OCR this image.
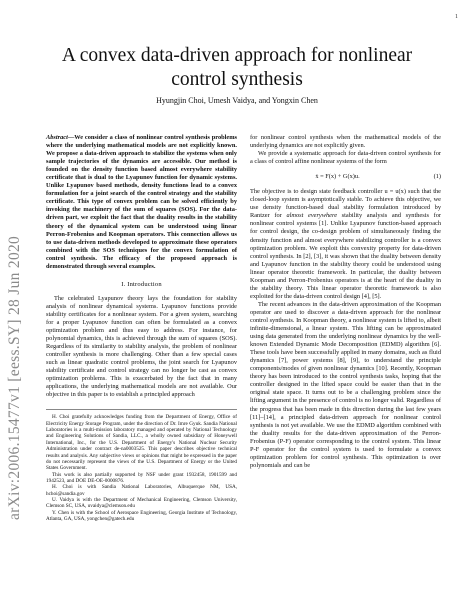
1
arXiv:2006.15477v1 [eess.SY] 28 Jun 2020
A convex data-driven approach for nonlinear control synthesis
Hyungjin Choi, Umesh Vaidya, and Yongxin Chen

Abstract—We consider a class of nonlinear control synthesis problems where the underlying mathematical models are not explicitly known. We propose a data-driven approach to stabilize the systems when only sample trajectories of the dynamics are accessible. Our method is founded on the density function based almost everywhere stability certificate that is dual to the Lyapunov function for dynamic systems. Unlike Lyapunov based methods, density functions lead to a convex formulation for a joint search of the control strategy and the stability certificate. This type of convex problem can be solved efficiently by invoking the machinery of the sum of squares (SOS). For the data-driven part, we exploit the fact that the duality results in the stability theory of the dynamical system can be understood using linear Perron-Frobenius and Koopman operators. This connection allows us to use data-driven methods developed to approximate these operators combined with the SOS techniques for the convex formulation of control synthesis. The efficacy of the proposed approach is demonstrated through several examples.

I. Introduction

The celebrated Lyapunov theory lays the foundation for stability analysis of nonlinear dynamical systems. Lyapunov functions provide stability certificates for a nonlinear system. For a given system, searching for a proper Lyapunov function can often be formulated as a convex optimization problem and thus easy to address. For instance, for polynomial dynamics, this is achieved through the sum of squares (SOS). Regardless of its similarity to stability analysis, the problem of nonlinear controller synthesis is more challenging. Other than a few special cases such as linear quadratic control problems, the joint search for Lyapunov stability certificate and control strategy can no longer be cast as convex optimization problems. This is exacerbated by the fact that in many applications, the underlying mathematical models are not available. Our objective in this paper is to establish a principled approach

H. Choi gratefully acknowledges funding from the Department of Energy, Office of Electricity Energy Storage Program, under the direction of Dr. Imre Gyuk. Sandia National Laboratories is a multi-mission laboratory managed and operated by National Technology and Engineering Solutions of Sandia, LLC., a wholly owned subsidiary of Honeywell International, Inc., for the U.S. Department of Energy's National Nuclear Security Administration under contract de-na0003525. This paper describes objective technical results and analysis. Any subjective views or opinions that might be expressed in the paper do not necessarily represent the views of the U.S. Department of Energy or the United States Government.
This work is also partially supported by NSF under grant 1932458, 1901599 and 1942523, and DOE DE-OE-0000876.
H. Choi is with Sandia National Laboratories, Albuquerque NM, USA, hchoi@sandia.gov
U. Vaidya is with the Department of Mechanical Engineering, Clemson University, Clemson SC, USA, uvaidya@clemson.edu
Y. Chen is with the School of Aerospace Engineering, Georgia Institute of Technology, Atlanta, GA, USA, yongchen@gatech.edu

for nonlinear control synthesis when the mathematical models of the underlying dynamics are not explicitly given.

We provide a systematic approach for data-driven control synthesis for a class of control affine nonlinear systems of the form

ẋ = F(x) + G(x)u.	(1)

The objective is to design state feedback controller u = u(x) such that the closed-loop system is asymptotically stable. To achieve this objective, we use density function-based dual stability formulation introduced by Rantzer for almost everywhere stability analysis and synthesis for nonlinear control systems [1]. Unlike Lyapunov function-based approach for control design, the co-design problem of simultaneously finding the density function and almost everywhere stabilizing controller is a convex optimization problem. We exploit this convexity property for data-driven control synthesis. In [2], [3], it was shown that the duality between density and Lyapunov function in the stability theory could be understood using linear operator theoretic framework. In particular, the duality between Koopman and Perron-Frobenius operators is at the heart of the duality in the stability theory. This linear operator theoretic framework is also exploited for the data-driven control design [4], [5].

The recent advances in the data-driven approximation of the Koopman operator are used to discover a data-driven approach for the nonlinear control synthesis. In Koopman theory, a nonlinear system is lifted to, albeit infinite-dimensional, a linear system. This lifting can be approximated using data generated from the underlying nonlinear dynamics by the well-known Extended Dynamic Mode Decomposition (EDMD) algorithm [6]. These tools have been successfully applied in many domains, such as fluid dynamics [7], power systems [8], [9], to understand the principle components/modes of given nonlinear dynamics [10]. Recently, Koopman theory has been introduced to the control synthesis tasks, hoping that the controller designed in the lifted space could be easier than that in the original state space. It turns out to be a challenging problem since the lifting argument in the presence of control is no longer valid. Regardless of the progress that has been made in this direction during the last few years [11]–[14], a principled data-driven approach for nonlinear control synthesis is not yet available. We use the EDMD algorithm combined with the duality results for the data-driven approximation of the Perron-Frobenius (P-F) operator corresponding to the control system. This linear P-F operator for the control system is used to formulate a convex optimization problem for control synthesis. This optimization is over polynomials and can be
